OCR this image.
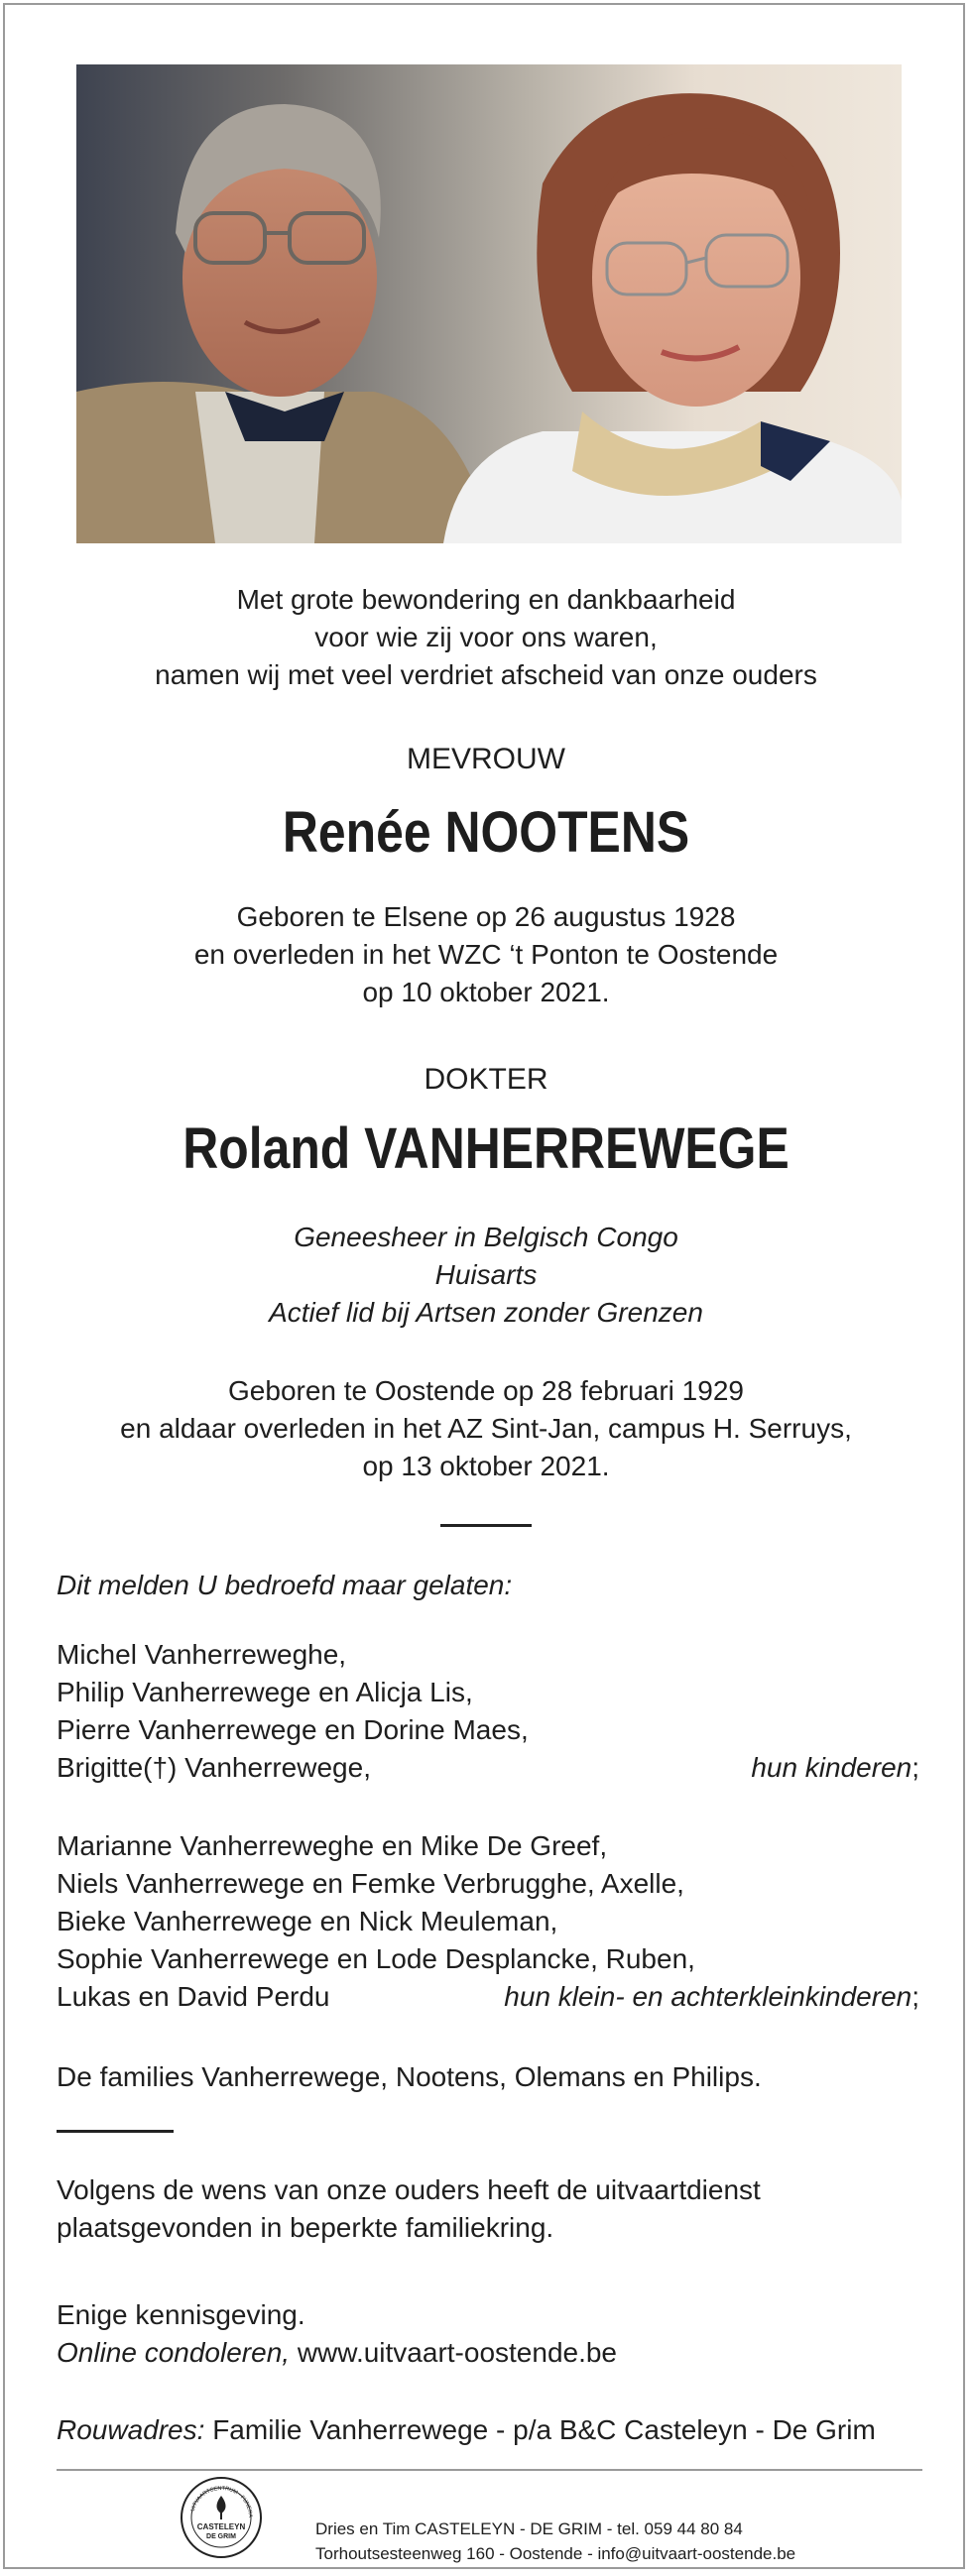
Met grote bewondering en dankbaarheid
voor wie zij voor ons waren,
namen wij met veel verdriet afscheid van onze ouders
MEVROUW
Renée NOOTENS
Geboren te Elsene op 26 augustus 1928
en overleden in het WZC ‘t Ponton te Oostende
op 10 oktober 2021.
DOKTER
Roland VANHERREWEGE
Geneesheer in Belgisch Congo
Huisarts
Actief lid bij Artsen zonder Grenzen
Geboren te Oostende op 28 februari 1929
en aldaar overleden in het AZ Sint-Jan, campus H. Serruys,
op 13 oktober 2021.
Dit melden U bedroefd maar gelaten:
Michel Vanherreweghe,
Philip Vanherrewege en Alicja Lis,
Pierre Vanherrewege en Dorine Maes,
Brigitte(†) Vanherrewege,	hun kinderen;
Marianne Vanherreweghe en Mike De Greef,
Niels Vanherrewege en Femke Verbrugghe, Axelle,
Bieke Vanherrewege en Nick Meuleman,
Sophie Vanherrewege en Lode Desplancke, Ruben,
Lukas en David Perdu	hun klein- en achterkleinkinderen;
De families Vanherrewege, Nootens, Olemans en Philips.
Volgens de wens van onze ouders heeft de uitvaartdienst
plaatsgevonden in beperkte familiekring.
Enige kennisgeving.
Online condoleren, www.uitvaart-oostende.be
Rouwadres: Familie Vanherrewege - p/a B&C Casteleyn - De Grim
UITVAARTCENTRUM - FUNERA
CASTELEYN
DE GRIM	Dries en Tim CASTELEYN - DE GRIM - tel. 059 44 80 84
Torhoutsesteenweg 160 - Oostende - info@uitvaart-oostende.be
